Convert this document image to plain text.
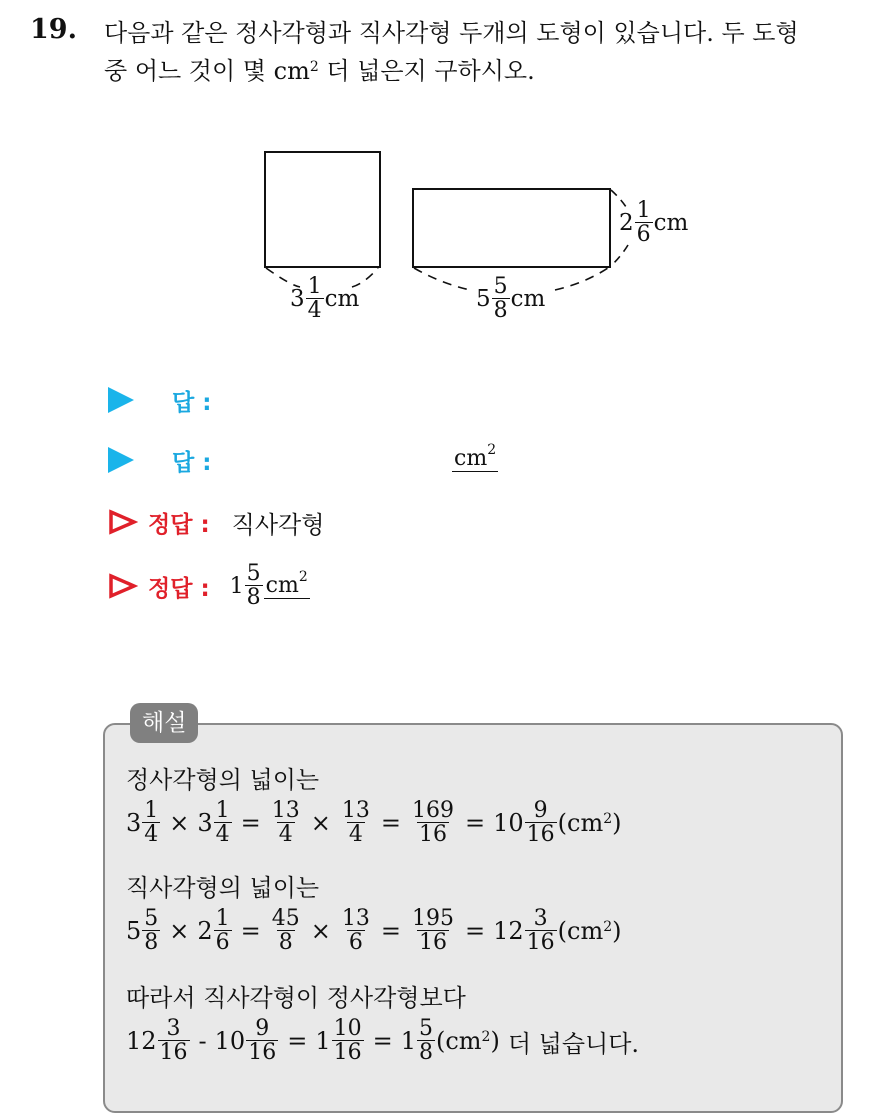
19. 다음과 같은 정사각형과 직사각형 두개의 도형이 있습니다. 두 도형
중 어느 것이 몇 $cm^2$ 더 넓은지 구하시오.
$3 \frac{1}{4}$ cm	$5 \frac{5}{8}$ cm
$2 \frac{1}{6}$ cm
답 :
답 :	$cm^2$
정답 : 직사각형
정답 : $1 \frac{5}{8} cm^2$
해설
정사각형의 넓이는
$3 \frac{1}{4} \times 3 \frac{1}{4} = \frac{13}{4} \times \frac{13}{4} = \frac{169}{16} = 10 \frac{9}{16} (cm^2$ )
직사각형의 넓이는
$5 \frac{5}{8} \times 2 \frac{1}{6} = \frac{45}{8} \times \frac{13}{6} = \frac{195}{16} = 12 \frac{3}{16} (cm^2$ )
따라서 직사각형이 정사각형보다
$12 \frac{3}{16} - 10 \frac{9}{16} = 1 \frac{10}{16} = 1 \frac{5}{8} (cm^2$ ) 더 넓습니다.
